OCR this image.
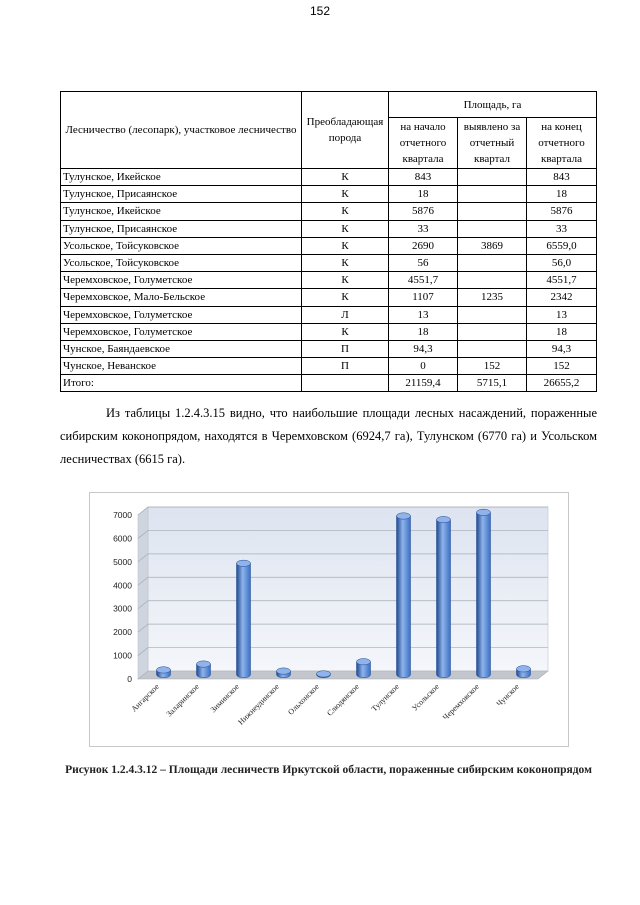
152
Лесничество (лесопарк), участковое лесничество	Преобладающая порода	Площадь, га		
		на начало отчетного квартала	выявлено за отчетный квартал	на конец отчетного квартала
Тулунское, Икейское	К	843		843
Тулунское, Присаянское	К	18		18
Тулунское, Икейское	К	5876		5876
Тулунское, Присаянское	К	33		33
Усольское, Тойсуковское	К	2690	3869	6559,0
Усольское, Тойсуковское	К	56		56,0
Черемховское, Голуметское	К	4551,7		4551,7
Черемховское, Мало-Бельское	К	1107	1235	2342
Черемховское, Голуметское	Л	13		13
Черемховское, Голуметское	К	18		18
Чунское, Баяндаевское	П	94,3		94,3
Чунское, Неванское	П	0	152	152
Итого:		21159,4	5715,1	26655,2

Из таблицы 1.2.4.3.15 видно, что наибольшие площади лесных насаждений, пораженные сибирским коконопрядом, находятся в Черемховском (6924,7 га), Тулунском (6770 га) и Усольском лесничествах (6615 га).

0
1000
2000
3000
4000
5000
6000
7000
Ангарское Заларинское Зиминское
Нижнеудинское Ольхонское Слюдянское Тулунское Усольское Черемховское Чунское
Рисунок 1.2.4.3.12 – Площади лесничеств Иркутской области, пораженные сибирским коконопрядом
